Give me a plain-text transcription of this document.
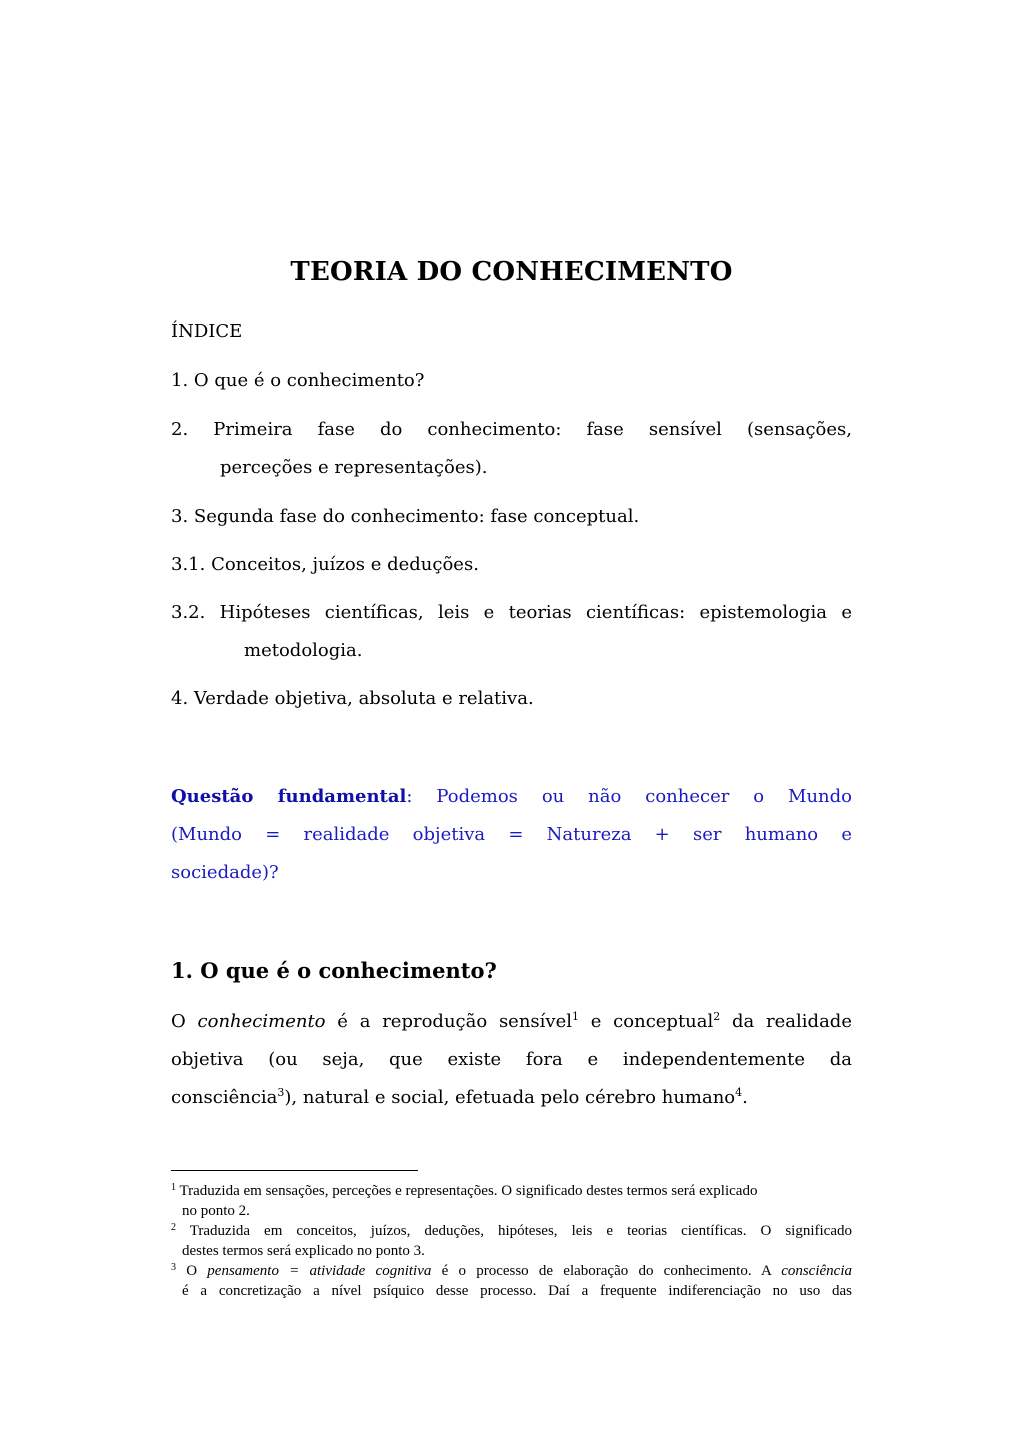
TEORIA DO CONHECIMENTO
ÍNDICE
1. O que é o conhecimento?
2. Primeira fase do conhecimento: fase sensível (sensações,
perceções e representações).
3. Segunda fase do conhecimento: fase conceptual.
3.1. Conceitos, juízos e deduções.
3.2. Hipóteses científicas, leis e teorias científicas: epistemologia e
metodologia.
4. Verdade objetiva, absoluta e relativa.
Questão fundamental: Podemos ou não conhecer o Mundo
(Mundo = realidade objetiva = Natureza + ser humano e
sociedade)?
1. O que é o conhecimento?
O conhecimento é a reprodução sensível$^1$ e conceptual$^2$ da realidade
objetiva (ou seja, que existe fora e independentemente da
consciência$^3$), natural e social, efetuada pelo cérebro humano$^4$.
$^1$ Traduzida em sensações, perceções e representações. O significado destes termos será explicado
no ponto 2.
$^2$ Traduzida em conceitos, juízos, deduções, hipóteses, leis e teorias científicas. O significado
destes termos será explicado no ponto 3.
$^3$ O pensamento = atividade cognitiva é o processo de elaboração do conhecimento. A consciência
é a concretização a nível psíquico desse processo. Daí a frequente indiferenciação no uso das
